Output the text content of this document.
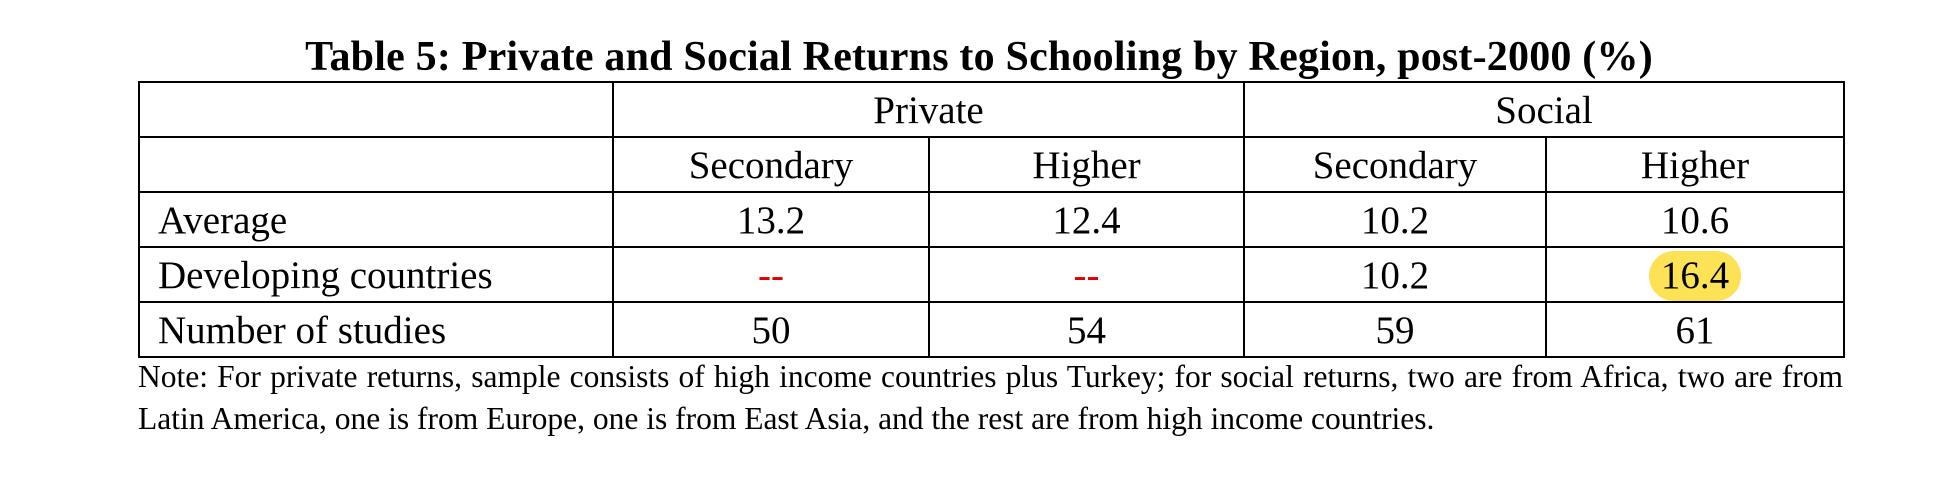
Table 5: Private and Social Returns to Schooling by Region, post-2000 (%)
	Private		Social	
	Secondary	Higher	Secondary	Higher
Average	13.2	12.4	10.2	10.6
Developing countries	--	--	10.2	16.4
Number of studies	50	54	59	61
Note: For private returns, sample consists of high income countries plus Turkey; for social returns, two are from Africa, two are from Latin America, one is from Europe, one is from East Asia, and the rest are from high income countries.
